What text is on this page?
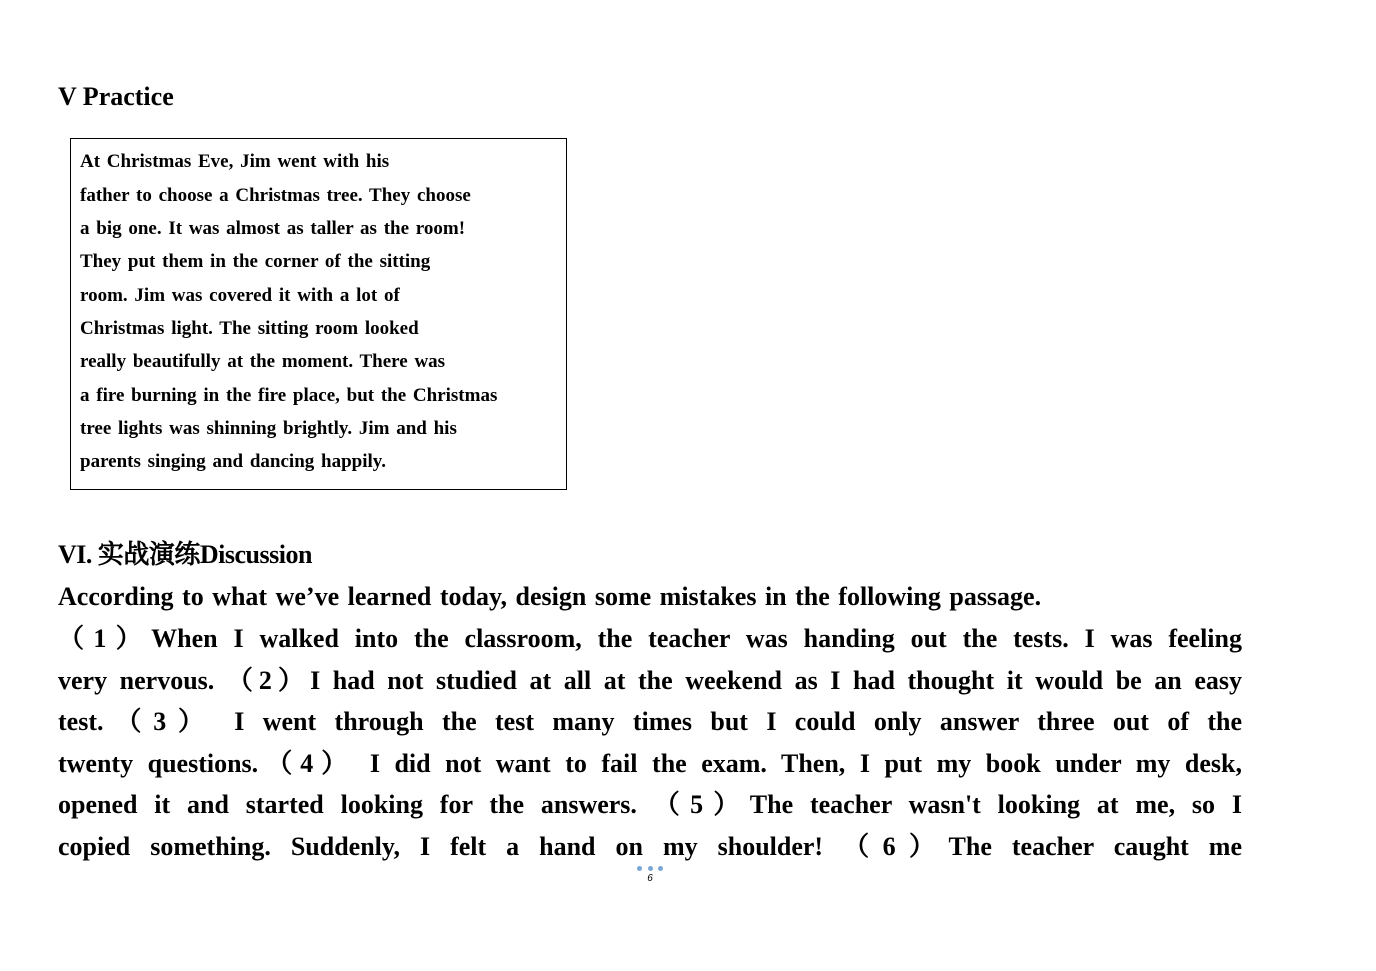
V Practice
At Christmas Eve, Jim went with his
father to choose a Christmas tree. They choose
a big one. It was almost as taller as the room!
They put them in the corner of the sitting
room. Jim was covered it with a lot of
Christmas light. The sitting room looked
really beautifully at the moment. There was
a fire burning in the fire place, but the Christmas
tree lights was shinning brightly. Jim and his
parents singing and dancing happily.
VI. 实战演练Discussion
According to what we’ve learned today, design some mistakes in the following passage.
（1）When I walked into the classroom, the teacher was handing out the tests. I was feeling
very nervous. （2）I had not studied at all at the weekend as I had thought it would be an easy
test.（3） I went through the test many times but I could only answer three out of the
twenty questions.（4） I did not want to fail the exam. Then, I put my book under my desk,
opened it and started looking for the answers. （5）The teacher wasn't looking at me, so I
copied something. Suddenly, I felt a hand on my shoulder! （6）The teacher caught me
6
